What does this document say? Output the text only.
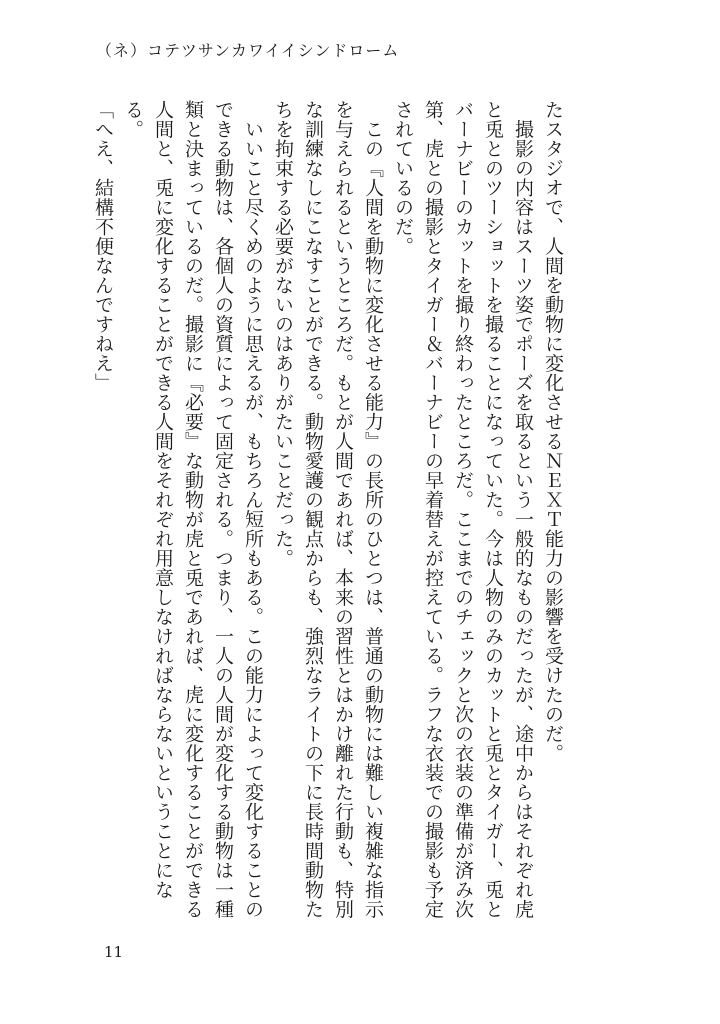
（ネ）コテツサンカワイイシンドローム

たスタジオで、人間を動物に変化させるＮＥＸＴ能力の影響を受けたのだ。

　撮影の内容はスーツ姿でポーズを取るという一般的なものだったが、途中からはそれぞれ虎と兎とのツーショットを撮ることになっていた。今は人物のみのカットと兎とタイガー、兎とバーナビーのカットを撮り終わったところだ。ここまでのチェックと次の衣装の準備が済み次第、虎との撮影とタイガー＆バーナビーの早着替えが控えている。ラフな衣装での撮影も予定されているのだ。

　この『人間を動物に変化させる能力』の長所のひとつは、普通の動物には難しい複雑な指示を与えられるというところだ。もとが人間であれば、本来の習性とはかけ離れた行動も、特別な訓練なしにこなすことができる。動物愛護の観点からも、強烈なライトの下に長時間動物たちを拘束する必要がないのはありがたいことだった。

　いいこと尽くめのように思えるが、もちろん短所もある。この能力によって変化することのできる動物は、各個人の資質によって固定される。つまり、一人の人間が変化する動物は一種類と決まっているのだ。撮影に『必要』な動物が虎と兎であれば、虎に変化することができる人間と、兎に変化することができる人間をそれぞれ用意しなければならないということになる。

「へえ、結構不便なんですねえ」

11
